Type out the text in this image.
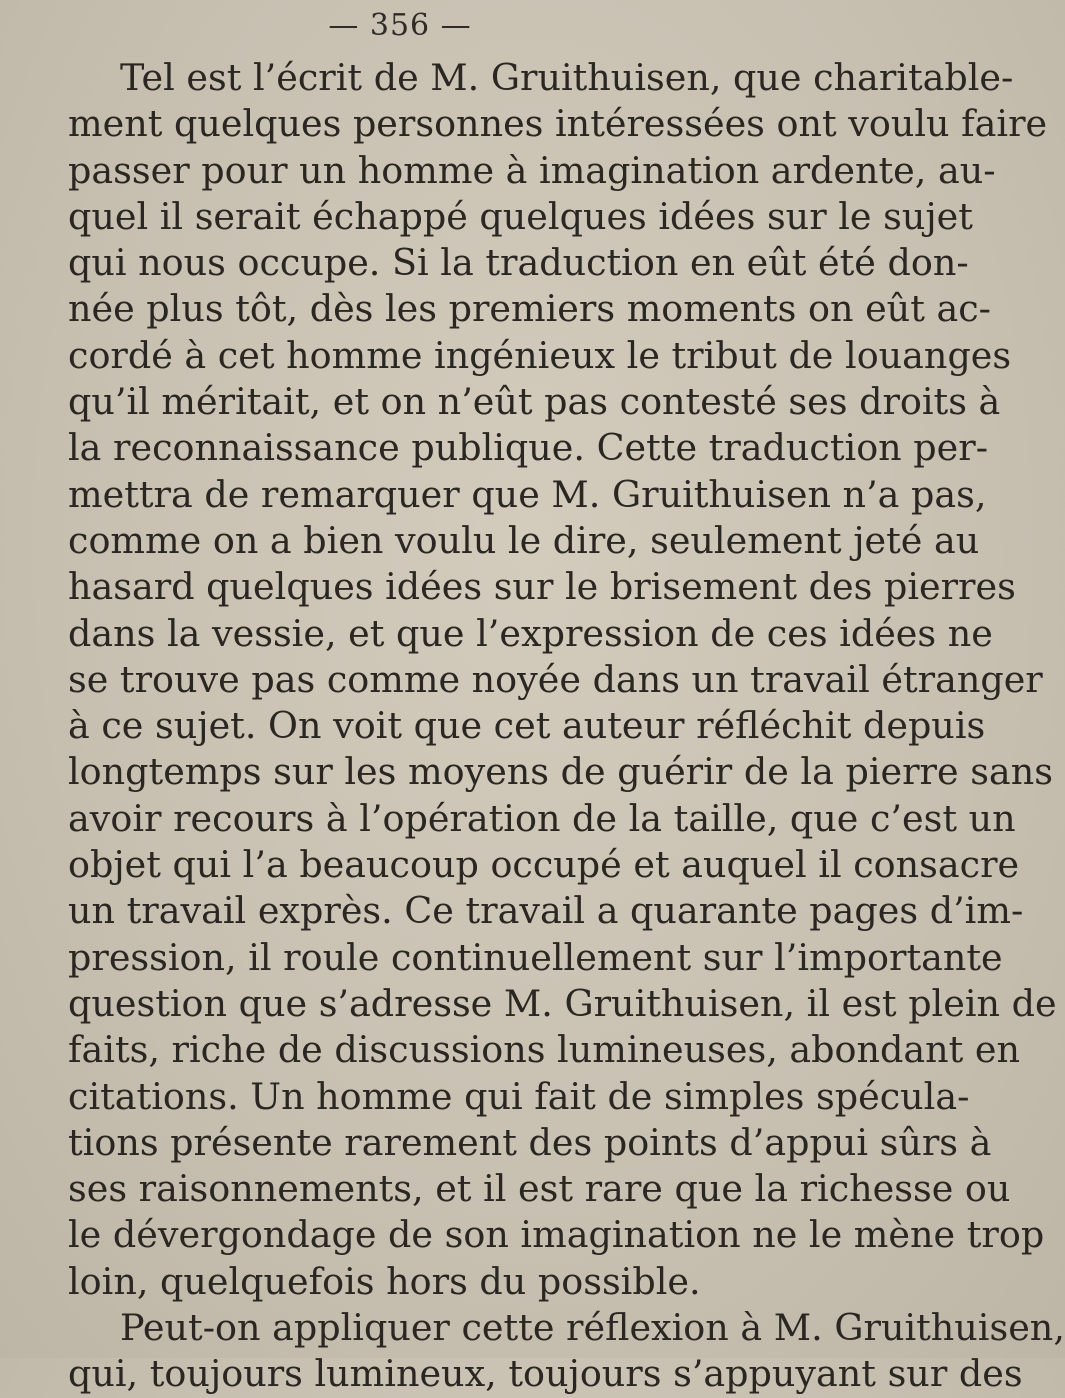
— 356 —
Tel est l’écrit de M. Gruithuisen, que charitable-
ment quelques personnes intéressées ont voulu faire
passer pour un homme à imagination ardente, au-
quel il serait échappé quelques idées sur le sujet
qui nous occupe. Si la traduction en eût été don-
née plus tôt, dès les premiers moments on eût ac-
cordé à cet homme ingénieux le tribut de louanges
qu’il méritait, et on n’eût pas contesté ses droits à
la reconnaissance publique. Cette traduction per-
mettra de remarquer que M. Gruithuisen n’a pas,
comme on a bien voulu le dire, seulement jeté au
hasard quelques idées sur le brisement des pierres
dans la vessie, et que l’expression de ces idées ne
se trouve pas comme noyée dans un travail étranger
à ce sujet. On voit que cet auteur réfléchit depuis
longtemps sur les moyens de guérir de la pierre sans
avoir recours à l’opération de la taille, que c’est un
objet qui l’a beaucoup occupé et auquel il consacre
un travail exprès. Ce travail a quarante pages d’im-
pression, il roule continuellement sur l’importante
question que s’adresse M. Gruithuisen, il est plein de
faits, riche de discussions lumineuses, abondant en
citations. Un homme qui fait de simples spécula-
tions présente rarement des points d’appui sûrs à
ses raisonnements, et il est rare que la richesse ou
le dévergondage de son imagination ne le mène trop
loin, quelquefois hors du possible.
Peut-on appliquer cette réflexion à M. Gruithuisen,
qui, toujours lumineux, toujours s’appuyant sur des
